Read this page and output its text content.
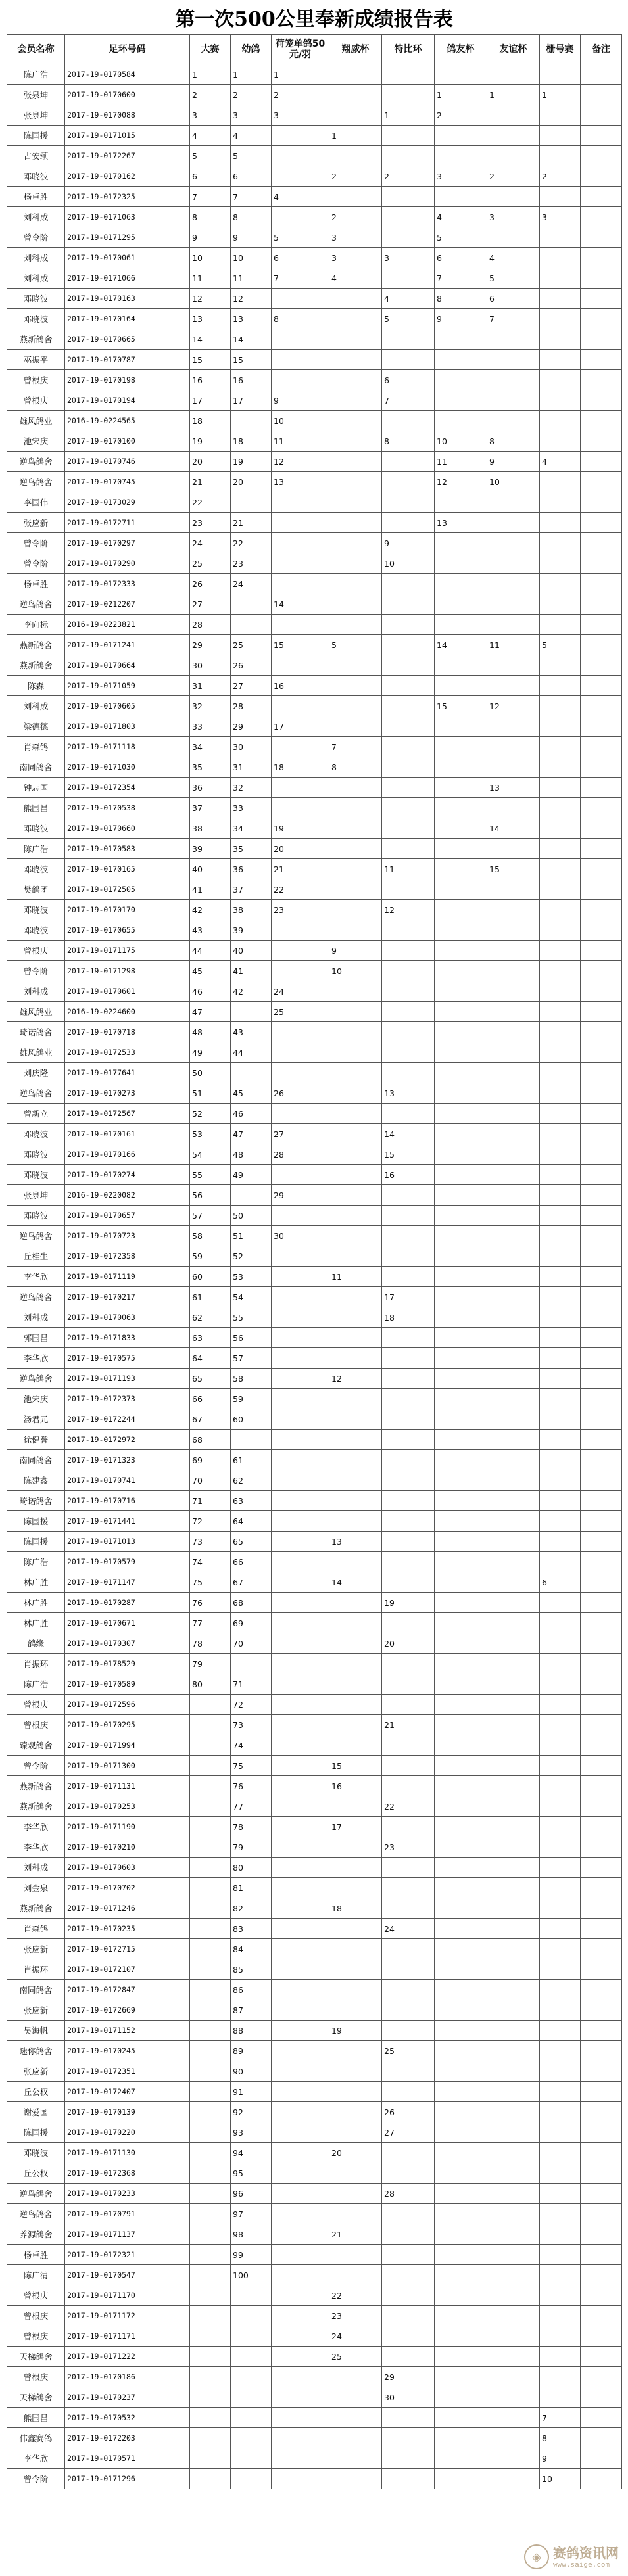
第一次500公里奉新成绩报告表
会员名称	足环号码	大赛	幼鸽	荷笼单鸽50元/羽	翔威杯	特比环	鸽友杯	友谊杯	栅号赛	备注
陈广浩	2017-19-0170584	1	1	1						
张泉坤	2017-19-0170600	2	2	2			1	1	1	
张泉坤	2017-19-0170088	3	3	3		1	2			
陈国援	2017-19-0171015	4	4		1					
古安颂	2017-19-0172267	5	5							
邓晓波	2017-19-0170162	6	6		2	2	3	2	2	
杨卓胜	2017-19-0172325	7	7	4						
刘科成	2017-19-0171063	8	8		2		4	3	3	
曾令阶	2017-19-0171295	9	9	5	3		5			
刘科成	2017-19-0170061	10	10	6	3	3	6	4		
刘科成	2017-19-0171066	11	11	7	4		7	5		
邓晓波	2017-19-0170163	12	12			4	8	6		
邓晓波	2017-19-0170164	13	13	8		5	9	7		
燕新鸽舍	2017-19-0170665	14	14							
巫振平	2017-19-0170787	15	15							
曾根庆	2017-19-0170198	16	16			6				
曾根庆	2017-19-0170194	17	17	9		7				
雄风鸽业	2016-19-0224565	18		10						
池宋庆	2017-19-0170100	19	18	11		8	10	8		
逆鸟鸽舍	2017-19-0170746	20	19	12			11	9	4	
逆鸟鸽舍	2017-19-0170745	21	20	13			12	10		
李国伟	2017-19-0173029	22								
张应新	2017-19-0172711	23	21				13			
曾令阶	2017-19-0170297	24	22			9				
曾令阶	2017-19-0170290	25	23			10				
杨卓胜	2017-19-0172333	26	24							
逆鸟鸽舍	2017-19-0212207	27		14						
李向标	2016-19-0223821	28								
燕新鸽舍	2017-19-0171241	29	25	15	5		14	11	5	
燕新鸽舍	2017-19-0170664	30	26							
陈森	2017-19-0171059	31	27	16						
刘科成	2017-19-0170605	32	28				15	12		
梁德德	2017-19-0171803	33	29	17						
肖森鸽	2017-19-0171118	34	30		7					
南同鸽舍	2017-19-0171030	35	31	18	8					
钟志国	2017-19-0172354	36	32					13		
熊国昌	2017-19-0170538	37	33							
邓晓波	2017-19-0170660	38	34	19				14		
陈广浩	2017-19-0170583	39	35	20						
邓晓波	2017-19-0170165	40	36	21		11		15		
樊鸽团	2017-19-0172505	41	37	22						
邓晓波	2017-19-0170170	42	38	23		12				
邓晓波	2017-19-0170655	43	39							
曾根庆	2017-19-0171175	44	40		9					
曾令阶	2017-19-0171298	45	41		10					
刘科成	2017-19-0170601	46	42	24						
雄风鸽业	2016-19-0224600	47		25						
琦诺鸽舍	2017-19-0170718	48	43							
雄风鸽业	2017-19-0172533	49	44							
刘庆隆	2017-19-0177641	50								
逆鸟鸽舍	2017-19-0170273	51	45	26		13				
曾新立	2017-19-0172567	52	46							
邓晓波	2017-19-0170161	53	47	27		14				
邓晓波	2017-19-0170166	54	48	28		15				
邓晓波	2017-19-0170274	55	49			16				
张泉坤	2016-19-0220082	56		29						
邓晓波	2017-19-0170657	57	50							
逆鸟鸽舍	2017-19-0170723	58	51	30						
丘桂生	2017-19-0172358	59	52							
李华欣	2017-19-0171119	60	53		11					
逆鸟鸽舍	2017-19-0170217	61	54			17				
刘科成	2017-19-0170063	62	55			18				
郭国昌	2017-19-0171833	63	56							
李华欣	2017-19-0170575	64	57							
逆鸟鸽舍	2017-19-0171193	65	58		12					
池宋庆	2017-19-0172373	66	59							
汤君元	2017-19-0172244	67	60							
徐健誉	2017-19-0172972	68								
南同鸽舍	2017-19-0171323	69	61							
陈建鑫	2017-19-0170741	70	62							
琦诺鸽舍	2017-19-0170716	71	63							
陈国援	2017-19-0171441	72	64							
陈国援	2017-19-0171013	73	65		13					
陈广浩	2017-19-0170579	74	66							
林广胜	2017-19-0171147	75	67		14				6	
林广胜	2017-19-0170287	76	68			19				
林广胜	2017-19-0170671	77	69							
鸽缘	2017-19-0170307	78	70			20				
肖振环	2017-19-0178529	79								
陈广浩	2017-19-0170589	80	71							
曾根庆	2017-19-0172596		72							
曾根庆	2017-19-0170295		73			21				
臻观鸽舍	2017-19-0171994		74							
曾令阶	2017-19-0171300		75		15					
燕新鸽舍	2017-19-0171131		76		16					
燕新鸽舍	2017-19-0170253		77			22				
李华欣	2017-19-0171190		78		17					
李华欣	2017-19-0170210		79			23				
刘科成	2017-19-0170603		80							
刘金泉	2017-19-0170702		81							
燕新鸽舍	2017-19-0171246		82		18					
肖森鸽	2017-19-0170235		83			24				
张应新	2017-19-0172715		84							
肖振环	2017-19-0172107		85							
南同鸽舍	2017-19-0172847		86							
张应新	2017-19-0172669		87							
吴海帆	2017-19-0171152		88		19					
迷你鸽舍	2017-19-0170245		89			25				
张应新	2017-19-0172351		90							
丘公权	2017-19-0172407		91							
谢爱国	2017-19-0170139		92			26				
陈国援	2017-19-0170220		93			27				
邓晓波	2017-19-0171130		94		20					
丘公权	2017-19-0172368		95							
逆鸟鸽舍	2017-19-0170233		96			28				
逆鸟鸽舍	2017-19-0170791		97							
养源鸽舍	2017-19-0171137		98		21					
杨卓胜	2017-19-0172321		99							
陈广清	2017-19-0170547		100							
曾根庆	2017-19-0171170				22					
曾根庆	2017-19-0171172				23					
曾根庆	2017-19-0171171				24					
天梯鸽舍	2017-19-0171222				25					
曾根庆	2017-19-0170186					29				
天梯鸽舍	2017-19-0170237					30				
熊国昌	2017-19-0170532								7	
伟鑫赛鸽	2017-19-0172203								8	
李华欣	2017-19-0170571								9	
曾令阶	2017-19-0171296								10	
◈ 赛鸽资讯网
www.saige.com
